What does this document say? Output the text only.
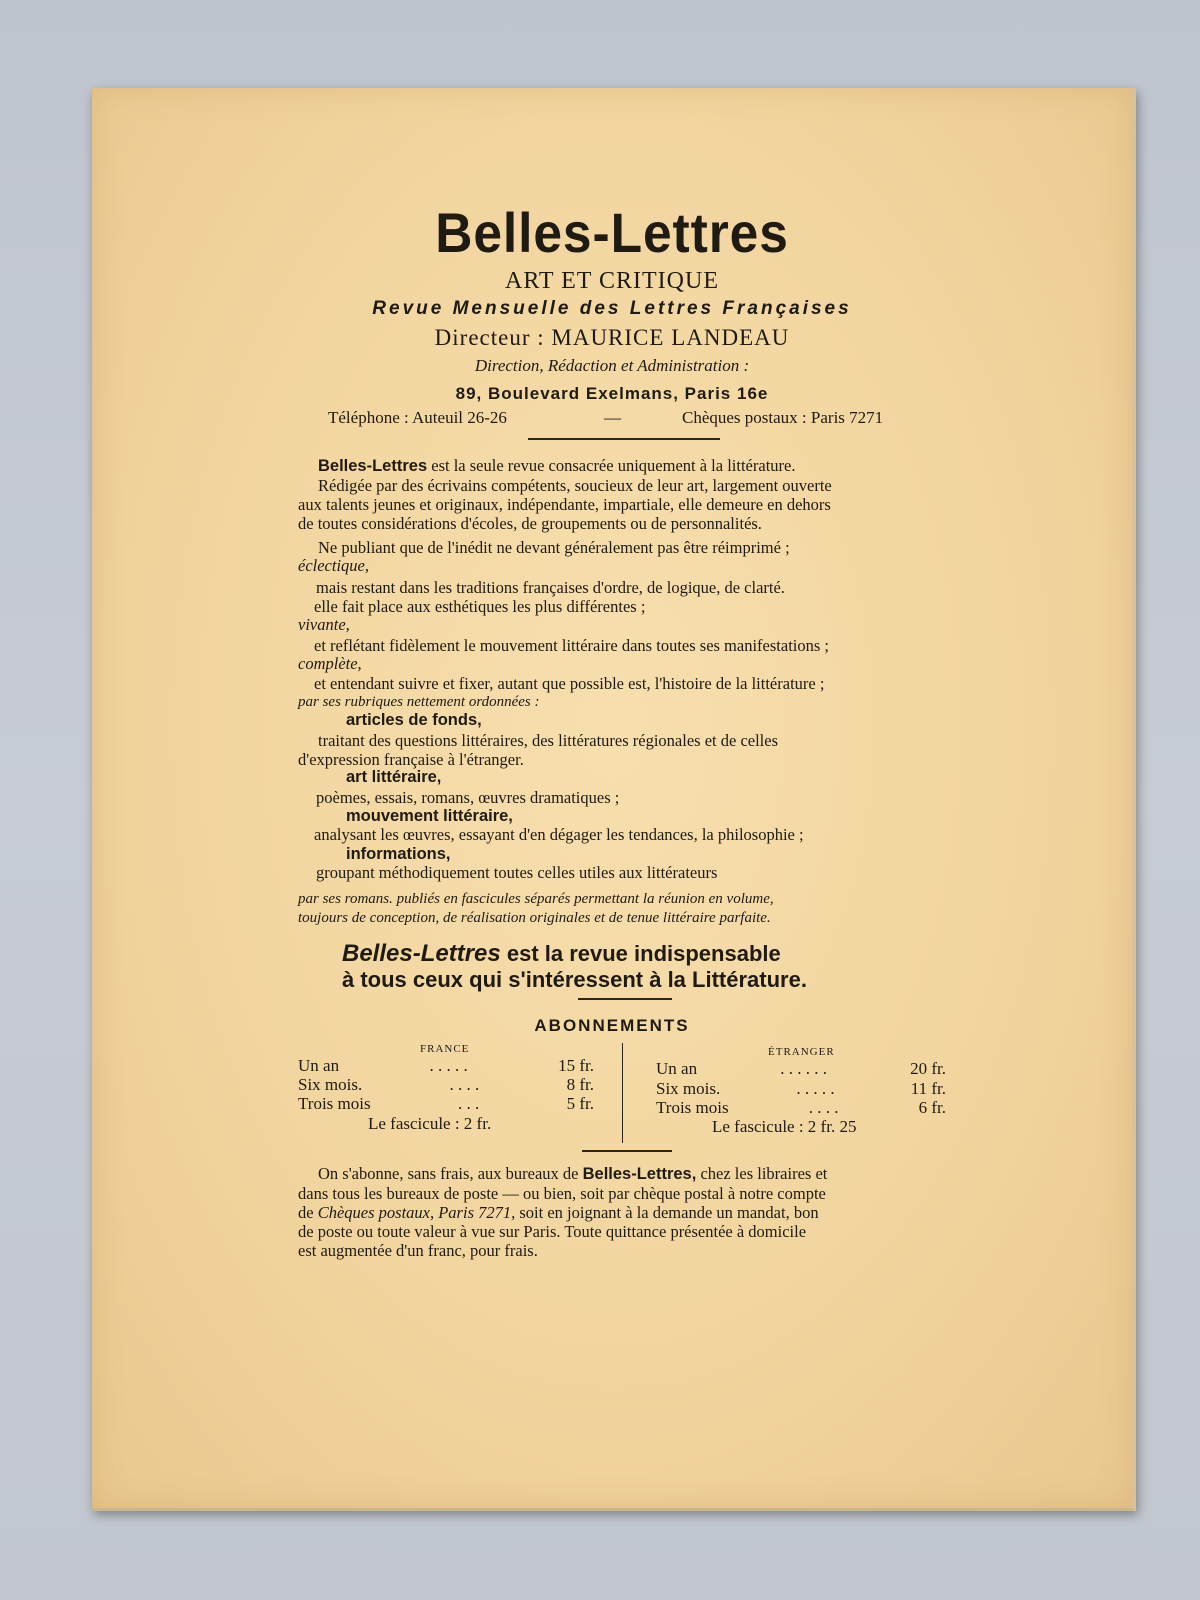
Belles-Lettres
ART ET CRITIQUE
Revue Mensuelle des Lettres Françaises
Directeur : MAURICE LANDEAU
Direction, Rédaction et Administration :
89, Boulevard Exelmans, Paris 16e
Téléphone : Auteuil 26-26	—	Chèques postaux : Paris 7271
Belles-Lettres est la seule revue consacrée uniquement à la littérature.
Rédigée par des écrivains compétents, soucieux de leur art, largement ouverte
aux talents jeunes et originaux, indépendante, impartiale, elle demeure en dehors
de toutes considérations d'écoles, de groupements ou de personnalités.
Ne publiant que de l'inédit ne devant généralement pas être réimprimé ;
éclectique,
mais restant dans les traditions françaises d'ordre, de logique, de clarté.
elle fait place aux esthétiques les plus différentes ;
vivante,
et reflétant fidèlement le mouvement littéraire dans toutes ses manifestations ;
complète,
et entendant suivre et fixer, autant que possible est, l'histoire de la littérature ;
par ses rubriques nettement ordonnées :
articles de fonds,
traitant des questions littéraires, des littératures régionales et de celles
d'expression française à l'étranger.
art littéraire,
poèmes, essais, romans, œuvres dramatiques ;
mouvement littéraire,
analysant les œuvres, essayant d'en dégager les tendances, la philosophie ;
informations,
groupant méthodiquement toutes celles utiles aux littérateurs
par ses romans. publiés en fascicules séparés permettant la réunion en volume,
toujours de conception, de réalisation originales et de tenue littéraire parfaite.
Belles-Lettres est la revue indispensable
à tous ceux qui s'intéressent à la Littérature.
ABONNEMENTS
FRANCE	ÉTRANGER
Un an	. . . . .	15 fr.
Six mois.	. . . .	8 fr.
Trois mois	. . .	5 fr.
Le fascicule : 2 fr.
Un an	. . . . . .	20 fr.
Six mois.	. . . . .	11 fr.
Trois mois	. . . .	6 fr.
Le fascicule : 2 fr. 25
On s'abonne, sans frais, aux bureaux de Belles-Lettres, chez les libraires et
dans tous les bureaux de poste — ou bien, soit par chèque postal à notre compte
de Chèques postaux, Paris 7271, soit en joignant à la demande un mandat, bon
de poste ou toute valeur à vue sur Paris. Toute quittance présentée à domicile
est augmentée d'un franc, pour frais.
